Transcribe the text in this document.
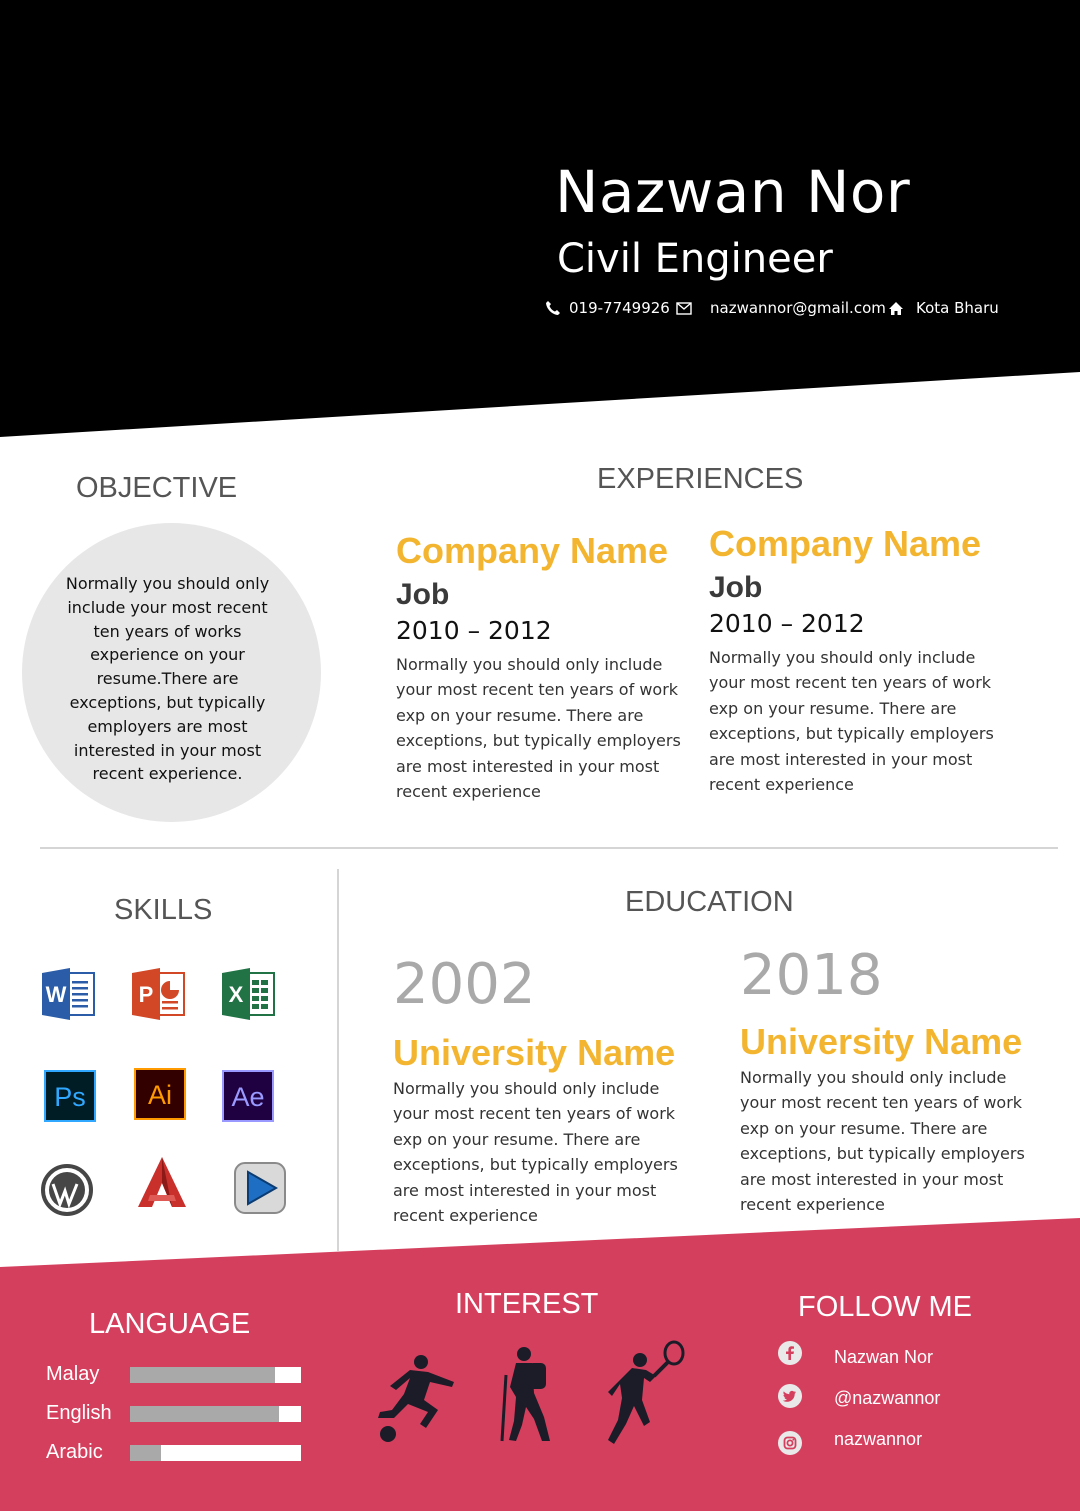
Nazwan Nor
Civil Engineer
019-7749926	nazwannor@gmail.com Kota Bharu
OBJECTIVE
Normally you should only include your most recent ten years of works experience on your resume.There are exceptions, but typically employers are most interested in your most recent experience.
EXPERIENCES
Company Name
Job
2010 – 2012
Normally you should only include your most recent ten years of work exp on your resume. There are exceptions, but typically employers are most interested in your most recent experience
Company Name
Job
2010 – 2012
Normally you should only include your most recent ten years of work exp on your resume. There are exceptions, but typically employers are most interested in your most recent experience
SKILLS
W	P	X
Ps Ai Ae
EDUCATION
2002
University Name
Normally you should only include your most recent ten years of work exp on your resume. There are exceptions, but typically employers are most interested in your most recent experience
2018
University Name
Normally you should only include your most recent ten years of work exp on your resume. There are exceptions, but typically employers are most interested in your most recent experience
LANGUAGE
Malay
English
Arabic
INTEREST	FOLLOW ME
Nazwan Nor
@nazwannor
nazwannor
